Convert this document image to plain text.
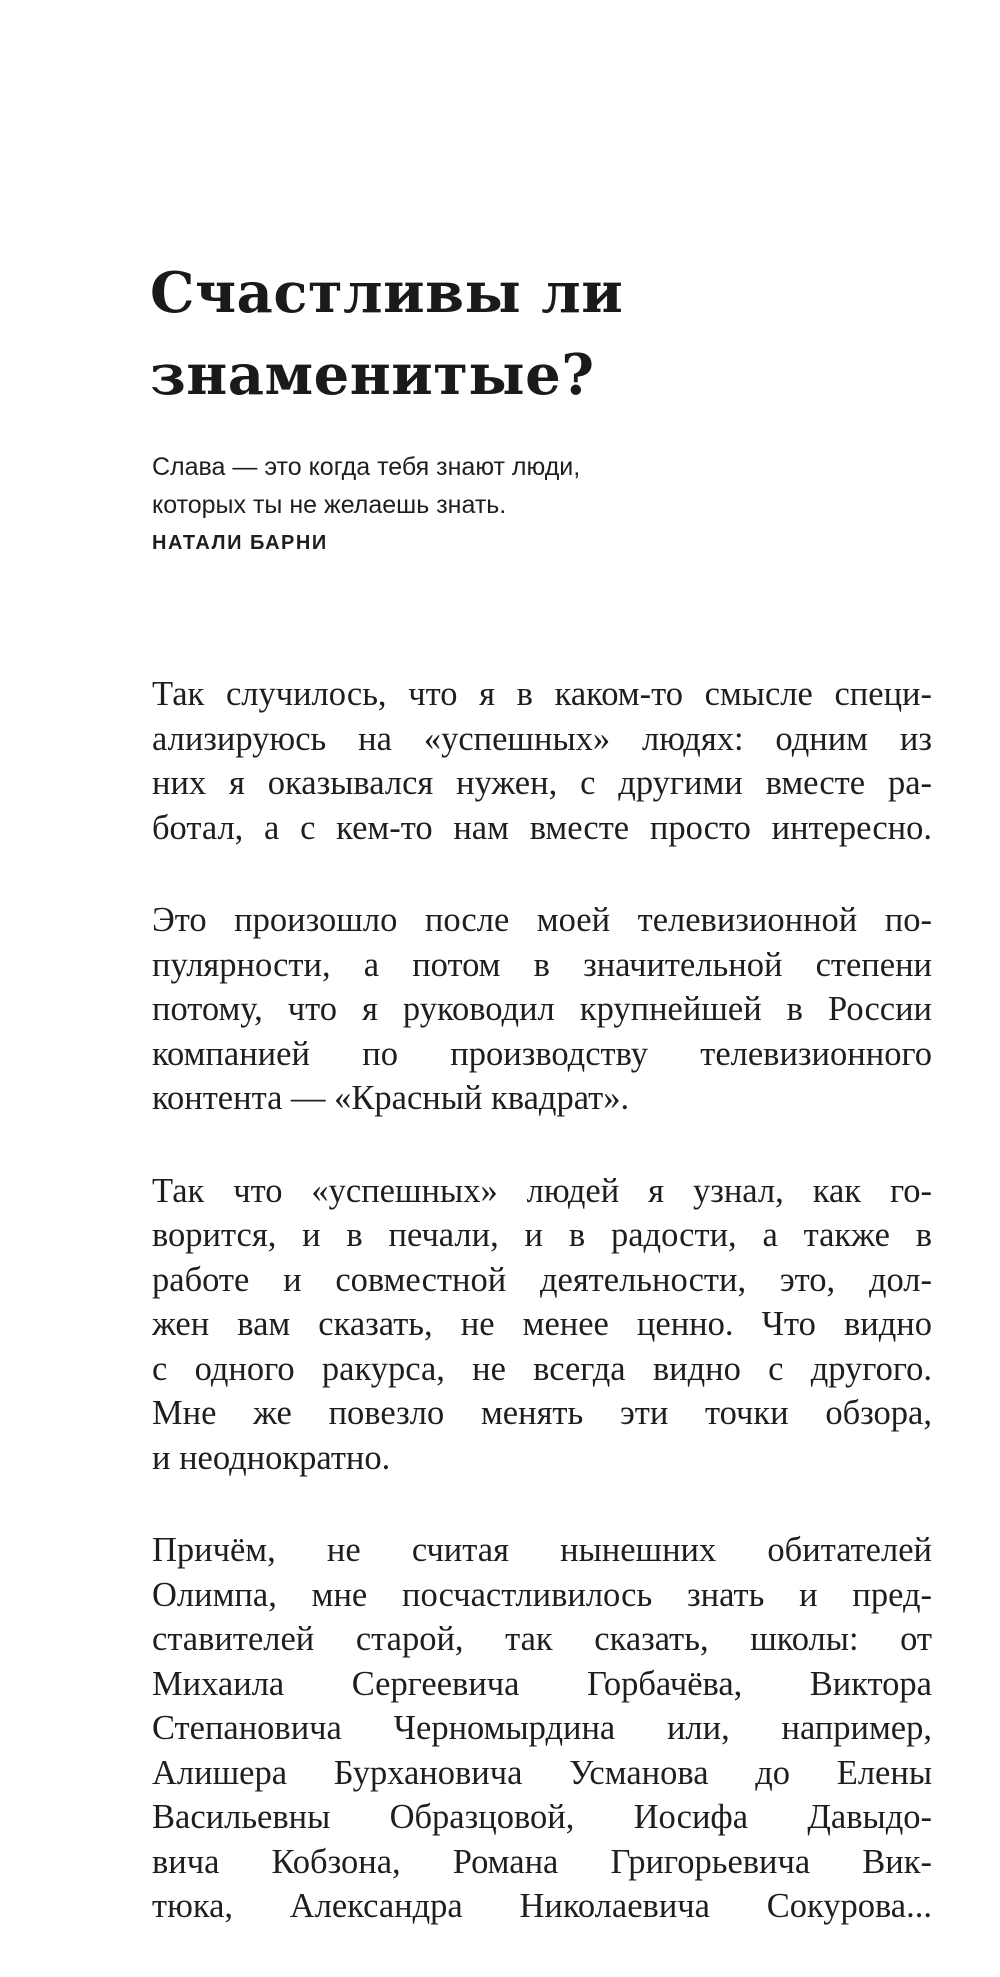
Счастливы ли
знаменитые?
Слава — это когда тебя знают люди,
которых ты не желаешь знать.
НАТАЛИ БАРНИ

Так случилось, что я в каком-то смысле специ-
ализируюсь на «успешных» людях: одним из
них я оказывался нужен, с другими вместе ра-
ботал, а с кем-то нам вместе просто интересно.

Это произошло после моей телевизионной по-
пулярности, а потом в значительной степени
потому, что я руководил крупнейшей в России
компанией по производству телевизионного
контента — «Красный квадрат».

Так что «успешных» людей я узнал, как го-
ворится, и в печали, и в радости, а также в
работе и совместной деятельности, это, дол-
жен вам сказать, не менее ценно. Что видно
с одного ракурса, не всегда видно с другого.
Мне же повезло менять эти точки обзора,
и неоднократно.

Причём, не считая нынешних обитателей
Олимпа, мне посчастливилось знать и пред-
ставителей старой, так сказать, школы: от
Михаила Сергеевича Горбачёва, Виктора
Степановича Черномырдина или, например,
Алишера Бурхановича Усманова до Елены
Васильевны Образцовой, Иосифа Давыдо-
вича Кобзона, Романа Григорьевича Вик-
тюка, Александра Николаевича Сокурова...
